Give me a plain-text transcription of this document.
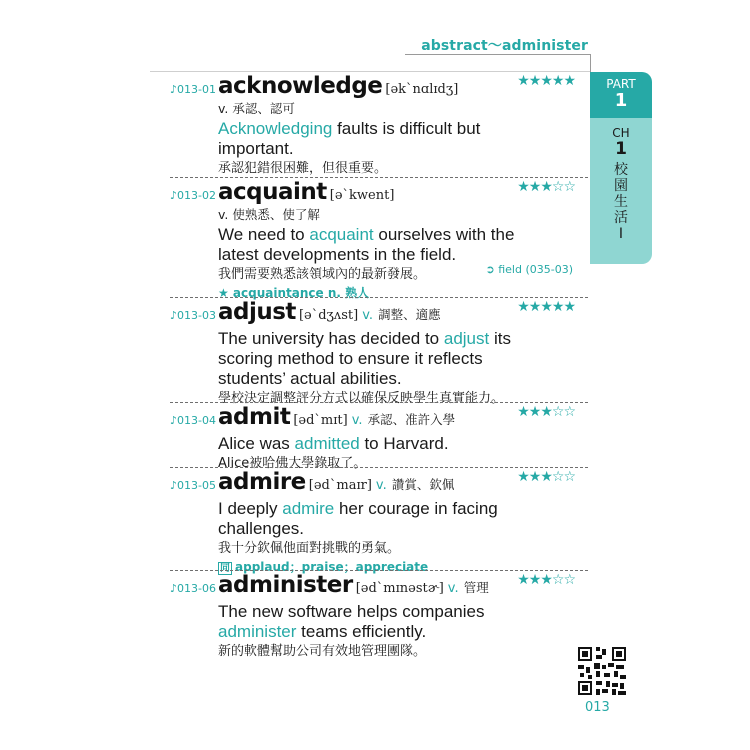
abstract～administer
♪013-01acknowledge [əkˋnɑlɪdʒ]
★★★★★
v. 承認、認可
Acknowledging faults is difficult but
important.
承認犯錯很困難，但很重要。
♪013-02acquaint [əˋkwent]
★★★☆☆
v. 使熟悉、使了解
We need to acquaint ourselves with the
latest developments in the field.
我們需要熟悉該領域內的最新發展。
★ acquaintance n. 熟人
➲ field (035-03)
♪013-03adjust [əˋdʒʌst] v. 調整、適應	★★★★★
The university has decided to adjust its
scoring method to ensure it reflects
students’ actual abilities.
學校決定調整評分方式以確保反映學生真實能力。
♪013-04admit [ədˋmɪt] v. 承認、准許入學	★★★☆☆
Alice was admitted to Harvard.
Alice被哈佛大學錄取了。
♪013-05admire [ədˋmaɪr] v. 讚賞、欽佩	★★★☆☆
I deeply admire her courage in facing
challenges.
我十分欽佩他面對挑戰的勇氣。
同 applaud；praise；appreciate
♪013-06administer [ədˋmɪnəstɚ] v. 管理 ★★★☆☆
The new software helps companies
administer teams efficiently.
新的軟體幫助公司有效地管理團隊。
PART
1
CH
1
校園生活Ⅰ
013
